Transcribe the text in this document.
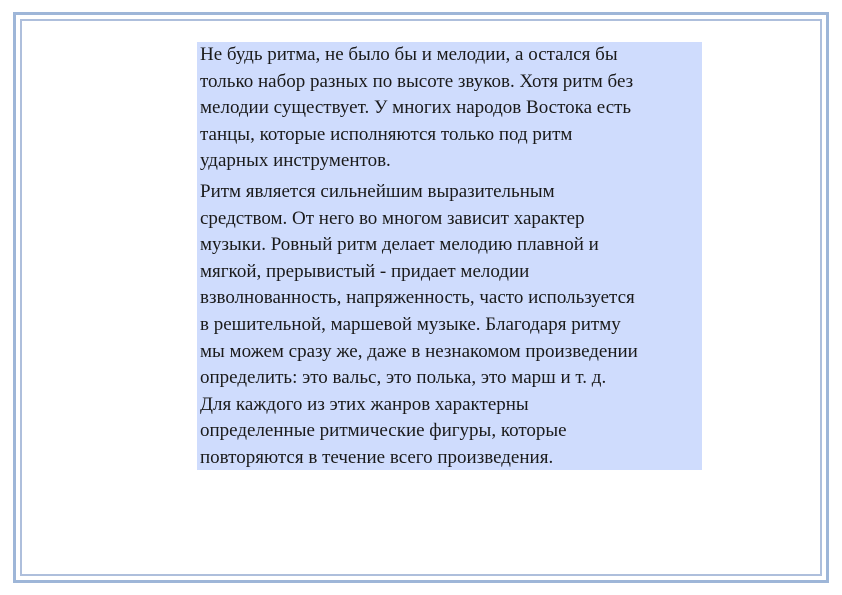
Не будь ритма, не было бы и мелодии, а остался бы
только набор разных по высоте звуков. Хотя ритм без
мелодии существует. У многих народов Востока есть
танцы, которые исполняются только под ритм
ударных инструментов.

Ритм является сильнейшим выразительным
средством. От него во многом зависит характер
музыки. Ровный ритм делает мелодию плавной и
мягкой, прерывистый - придает мелодии
взволнованность, напряженность, часто используется
в решительной, маршевой музыке. Благодаря ритму
мы можем сразу же, даже в незнакомом произведении
определить: это вальс, это полька, это марш и т. д.
Для каждого из этих жанров характерны
определенные ритмические фигуры, которые
повторяются в течение всего произведения.
